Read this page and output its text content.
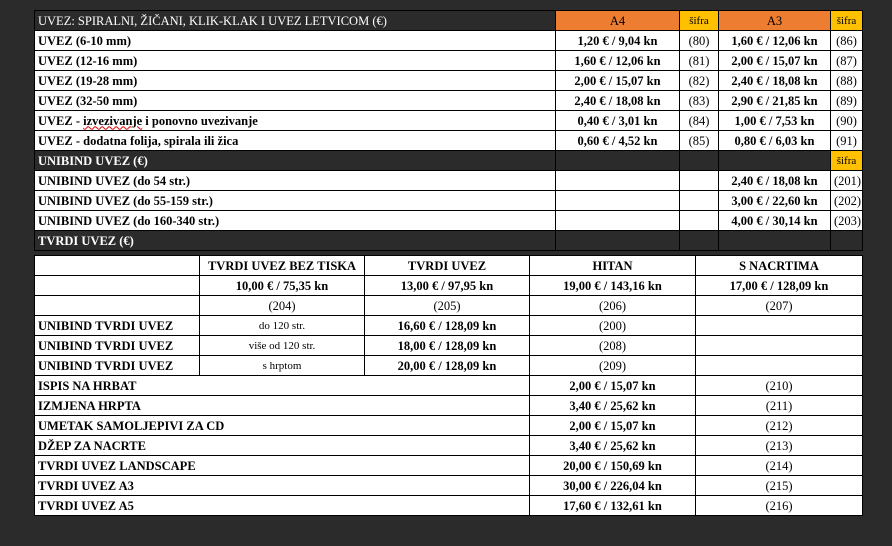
UVEZ: SPIRALNI, ŽIČANI, KLIK-KLAK I UVEZ LETVICOM (€)	A4	šifra	A3	šifra
UVEZ (6-10 mm)	1,20 € / 9,04 kn	(80)	1,60 € / 12,06 kn	(86)
UVEZ (12-16 mm)	1,60 € / 12,06 kn	(81)	2,00 € / 15,07 kn	(87)
UVEZ (19-28 mm)	2,00 € / 15,07 kn	(82)	2,40 € / 18,08 kn	(88)
UVEZ (32-50 mm)	2,40 € / 18,08 kn	(83)	2,90 € / 21,85 kn	(89)
UVEZ - izvezivanje i ponovno uvezivanje	0,40 € / 3,01 kn	(84)	1,00 € / 7,53 kn	(90)
UVEZ - dodatna folija, spirala ili žica	0,60 € / 4,52 kn	(85)	0,80 € / 6,03 kn	(91)
UNIBIND UVEZ (€)				šifra
UNIBIND UVEZ (do 54 str.)			2,40 € / 18,08 kn	(201)
UNIBIND UVEZ (do 55-159 str.)			3,00 € / 22,60 kn	(202)
UNIBIND UVEZ (do 160-340 str.)			4,00 € / 30,14 kn	(203)
TVRDI UVEZ (€)				
	TVRDI UVEZ BEZ TISKA	TVRDI UVEZ	HITAN	S NACRTIMA
	10,00 € / 75,35 kn	13,00 € / 97,95 kn	19,00 € / 143,16 kn	17,00 € / 128,09 kn
	(204)	(205)	(206)	(207)
UNIBIND TVRDI UVEZ	do 120 str.	16,60 € / 128,09 kn	(200)	
UNIBIND TVRDI UVEZ	više od 120 str.	18,00 € / 128,09 kn	(208)	
UNIBIND TVRDI UVEZ	s hrptom	20,00 € / 128,09 kn	(209)	
ISPIS NA HRBAT			2,00 € / 15,07 kn	(210)
IZMJENA HRPTA			3,40 € / 25,62 kn	(211)
UMETAK SAMOLJEPIVI ZA CD			2,00 € / 15,07 kn	(212)
DŽEP ZA NACRTE			3,40 € / 25,62 kn	(213)
TVRDI UVEZ LANDSCAPE			20,00 € / 150,69 kn	(214)
TVRDI UVEZ A3			30,00 € / 226,04 kn	(215)
TVRDI UVEZ A5			17,60 € / 132,61 kn	(216)
